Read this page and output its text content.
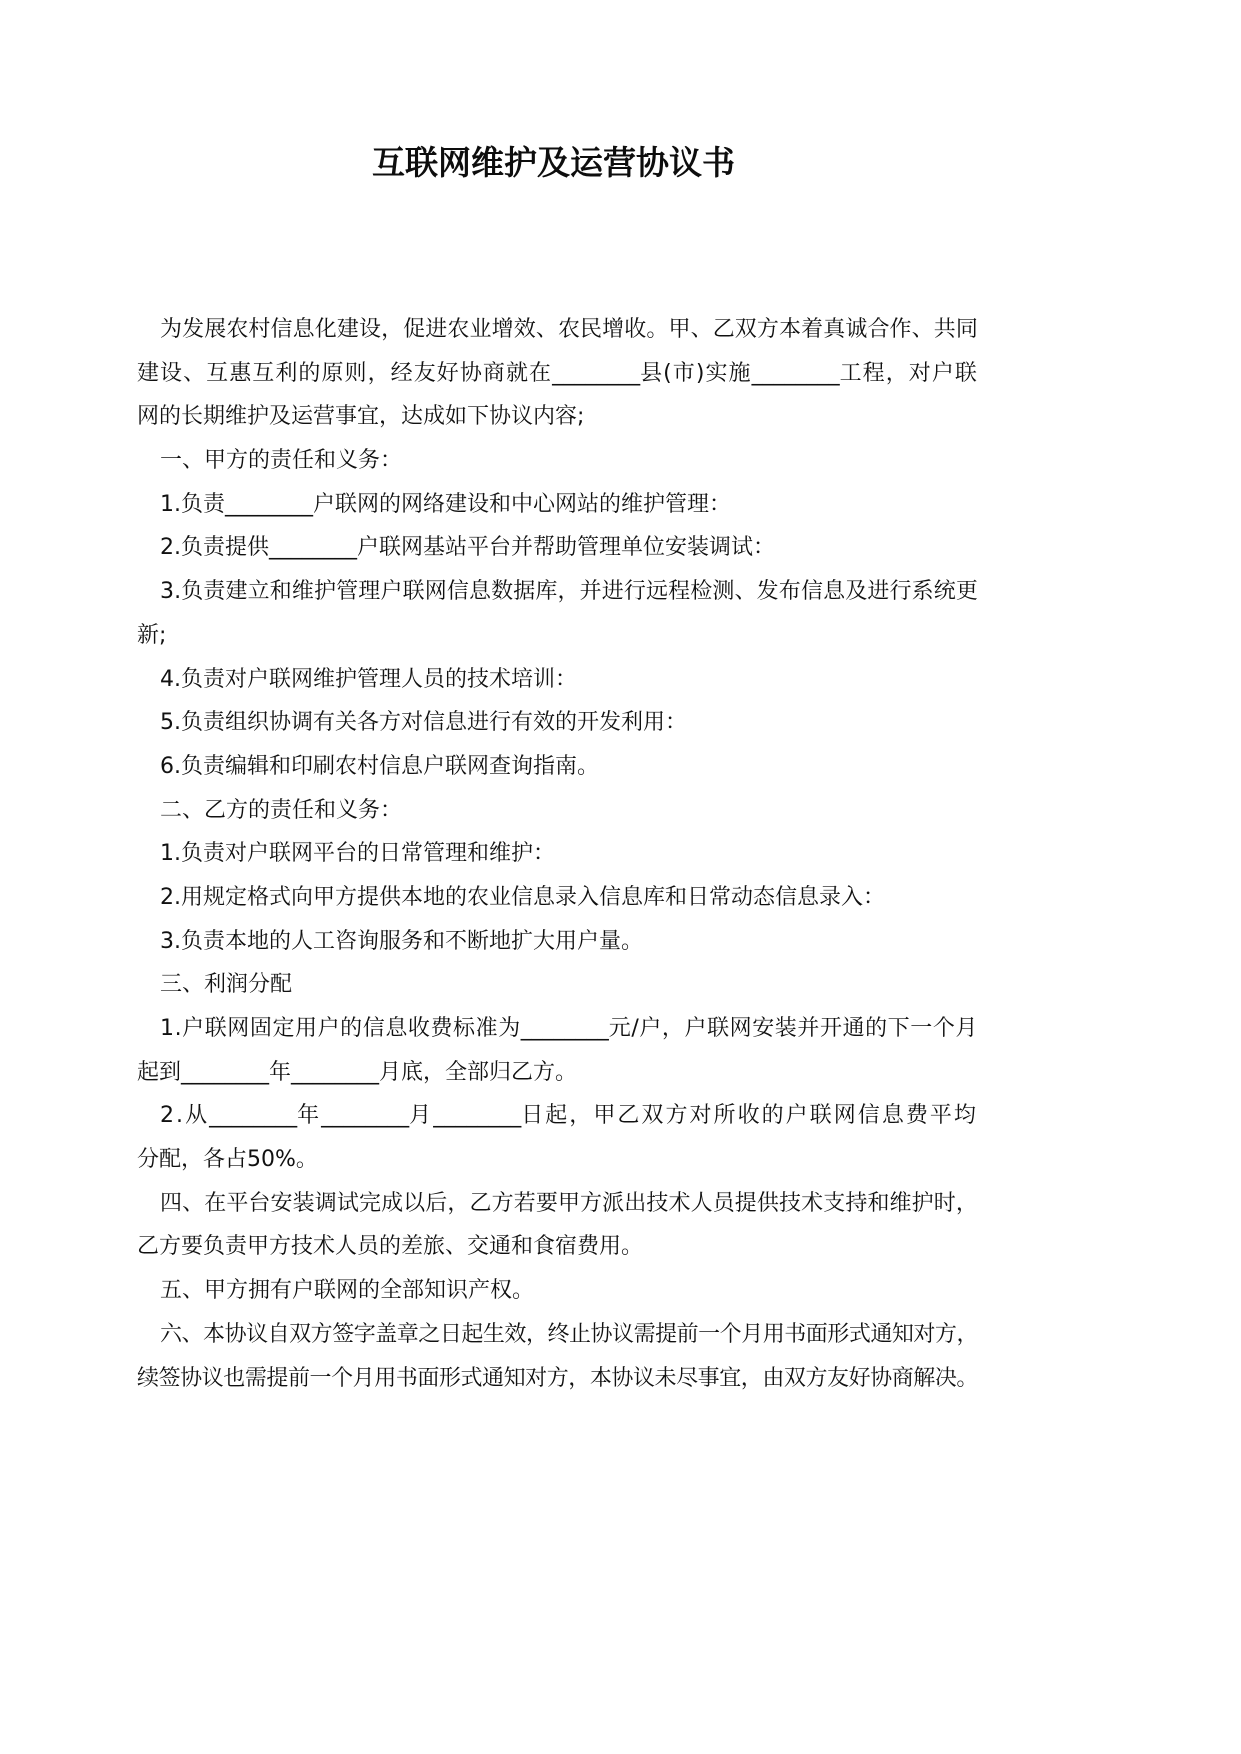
互联网维护及运营协议书
为发展农村信息化建设，促进农业增效、农民增收。甲、乙双方本着真诚合作、共同
建设、互惠互利的原则，经友好协商就在________县(市)实施________工程，对户联
网的长期维护及运营事宜，达成如下协议内容;
一、甲方的责任和义务：
1.负责________户联网的网络建设和中心网站的维护管理：
2.负责提供________户联网基站平台并帮助管理单位安装调试：
3.负责建立和维护管理户联网信息数据库，并进行远程检测、发布信息及进行系统更
新;
4.负责对户联网维护管理人员的技术培训：
5.负责组织协调有关各方对信息进行有效的开发利用：
6.负责编辑和印刷农村信息户联网查询指南。
二、乙方的责任和义务：
1.负责对户联网平台的日常管理和维护：
2.用规定格式向甲方提供本地的农业信息录入信息库和日常动态信息录入：
3.负责本地的人工咨询服务和不断地扩大用户量。
三、利润分配
1.户联网固定用户的信息收费标准为________元/户，户联网安装并开通的下一个月
起到________年________月底，全部归乙方。
2.从________年________月________日起，甲乙双方对所收的户联网信息费平均
分配，各占50%。
四、在平台安装调试完成以后，乙方若要甲方派出技术人员提供技术支持和维护时，
乙方要负责甲方技术人员的差旅、交通和食宿费用。
五、甲方拥有户联网的全部知识产权。
六、本协议自双方签字盖章之日起生效，终止协议需提前一个月用书面形式通知对方，
续签协议也需提前一个月用书面形式通知对方，本协议未尽事宜，由双方友好协商解决。
